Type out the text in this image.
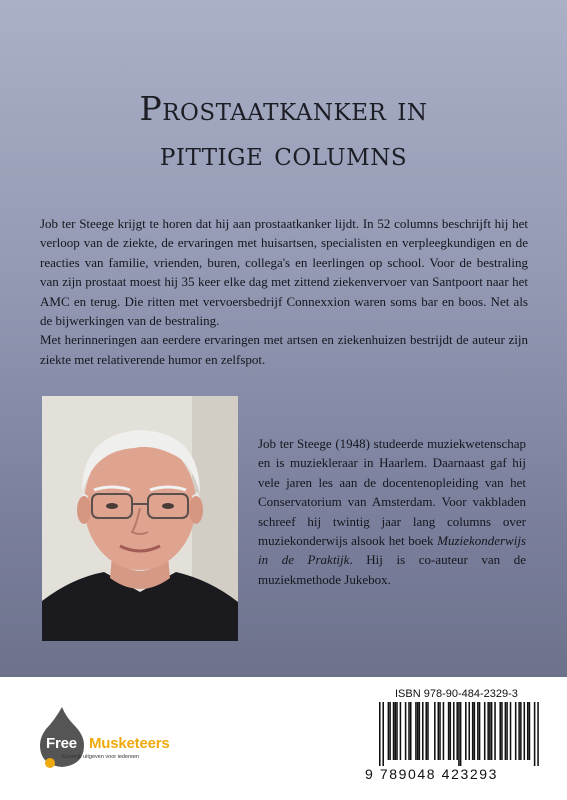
Prostaatkanker in
pittige columns

Job ter Steege krijgt te horen dat hij aan prostaatkanker lijdt. In 52 columns beschrijft hij het verloop van de ziekte, de ervaringen met huisartsen, specialisten en verpleegkundigen en de reacties van familie, vrienden, buren, collega's en leerlingen op school. Voor de bestraling van zijn prostaat moest hij 35 keer elke dag met zittend ziekenvervoer van Santpoort naar het AMC en terug. Die ritten met vervoersbedrijf Connexxion waren soms bar en boos. Net als de bijwerkingen van de bestraling.

Met herinneringen aan eerdere ervaringen met artsen en ziekenhuizen bestrijdt de auteur zijn ziekte met relativerende humor en zelfspot.

Job ter Steege (1948) studeerde muziekwetenschap en is muziekleraar in Haarlem. Daarnaast gaf hij vele jaren les aan de docentenopleiding van het Conservatorium van Amsterdam. Voor vakbladen schreef hij twintig jaar lang columns over muziekonderwijs alsook het boek Muziekonderwijs in de Praktijk. Hij is co-auteur van de muziekmethode Jukebox.

Free Musketeers
Kansrijk uitgeven voor iedereen
ISBN 978-90-484-2329-3
9 789048 423293
